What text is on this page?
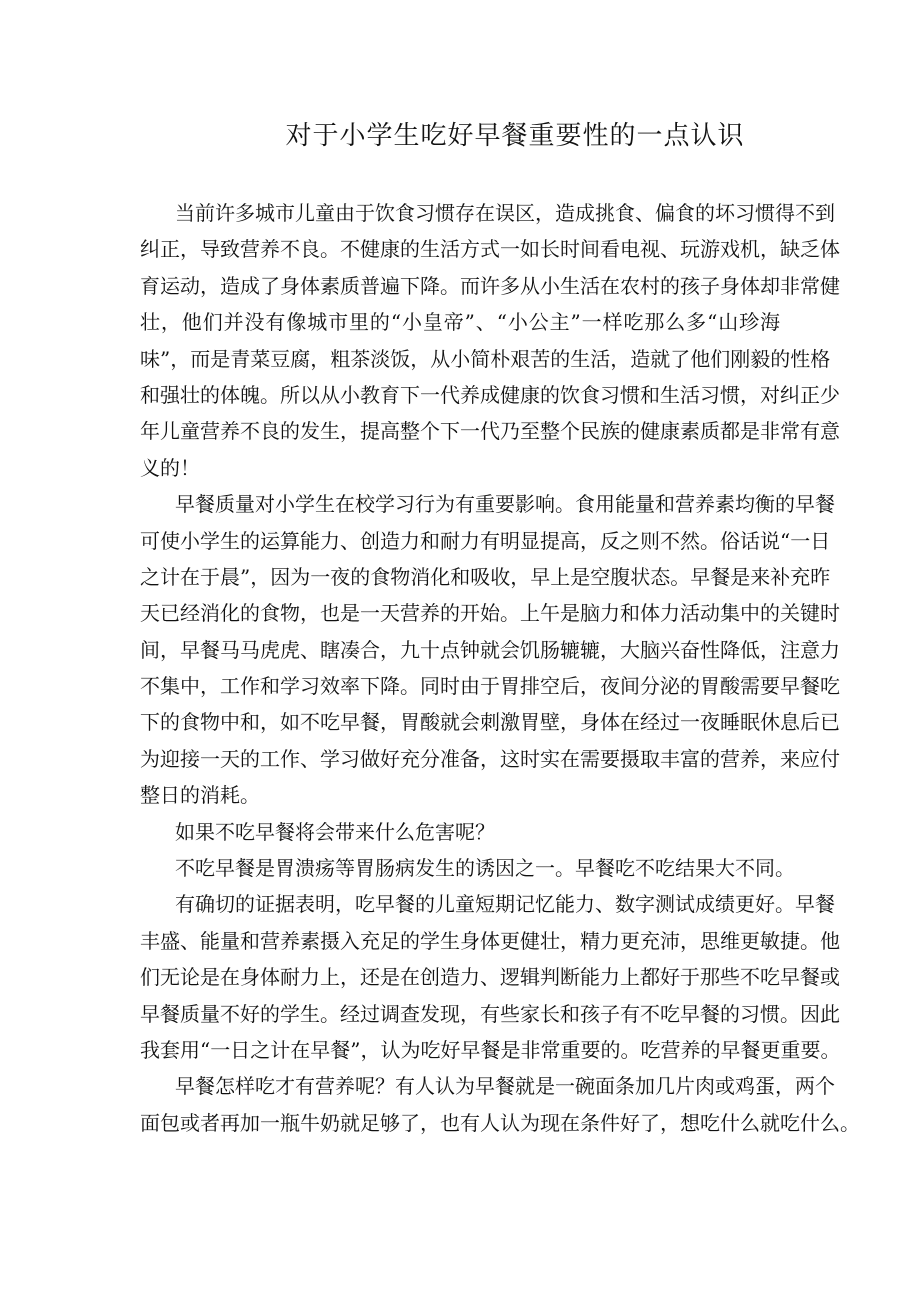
对于小学生吃好早餐重要性的一点认识
当前许多城市儿童由于饮食习惯存在误区，造成挑食、偏食的坏习惯得不到
纠正，导致营养不良。不健康的生活方式一如长时间看电视、玩游戏机，缺乏体
育运动，造成了身体素质普遍下降。而许多从小生活在农村的孩子身体却非常健
壮，他们并没有像城市里的“小皇帝”、“小公主”一样吃那么多“山珍海
味”，而是青菜豆腐，粗茶淡饭，从小简朴艰苦的生活，造就了他们刚毅的性格
和强壮的体魄。所以从小教育下一代养成健康的饮食习惯和生活习惯，对纠正少
年儿童营养不良的发生，提高整个下一代乃至整个民族的健康素质都是非常有意
义的！
早餐质量对小学生在校学习行为有重要影响。食用能量和营养素均衡的早餐
可使小学生的运算能力、创造力和耐力有明显提高，反之则不然。俗话说“一日
之计在于晨”，因为一夜的食物消化和吸收，早上是空腹状态。早餐是来补充昨
天已经消化的食物，也是一天营养的开始。上午是脑力和体力活动集中的关键时
间，早餐马马虎虎、瞎凑合，九十点钟就会饥肠辘辘，大脑兴奋性降低，注意力
不集中，工作和学习效率下降。同时由于胃排空后，夜间分泌的胃酸需要早餐吃
下的食物中和，如不吃早餐，胃酸就会刺激胃壁，身体在经过一夜睡眠休息后已
为迎接一天的工作、学习做好充分准备，这时实在需要摄取丰富的营养，来应付
整日的消耗。
如果不吃早餐将会带来什么危害呢？
不吃早餐是胃溃疡等胃肠病发生的诱因之一。早餐吃不吃结果大不同。
有确切的证据表明，吃早餐的儿童短期记忆能力、数字测试成绩更好。早餐
丰盛、能量和营养素摄入充足的学生身体更健壮，精力更充沛，思维更敏捷。他
们无论是在身体耐力上，还是在创造力、逻辑判断能力上都好于那些不吃早餐或
早餐质量不好的学生。经过调查发现，有些家长和孩子有不吃早餐的习惯。因此
我套用“一日之计在早餐”，认为吃好早餐是非常重要的。吃营养的早餐更重要。
早餐怎样吃才有营养呢？有人认为早餐就是一碗面条加几片肉或鸡蛋，两个
面包或者再加一瓶牛奶就足够了，也有人认为现在条件好了，想吃什么就吃什么。
